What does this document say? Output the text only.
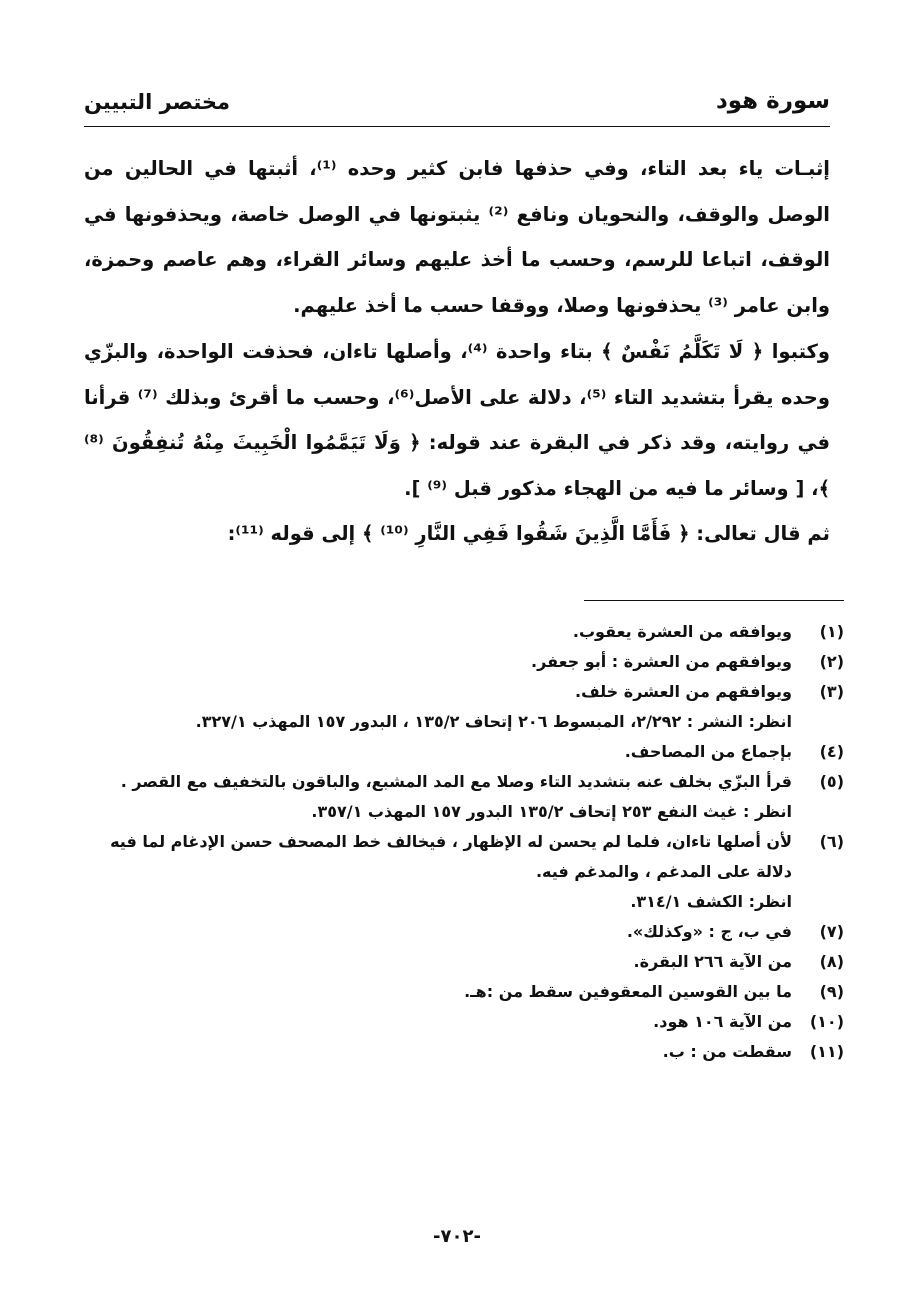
سورة هود
مختصر التبيين

إثبـات ياء بعد التاء، وفي حذفها فابن كثير وحده ⁽¹⁾، أثبتها في الحالين من الوصل والوقف، والنحويان ونافع ⁽²⁾ يثبتونها في الوصل خاصة، ويحذفونها في الوقف، اتباعا للرسم، وحسب ما أخذ عليهم وسائر القراء، وهم عاصم وحمزة، وابن عامر ⁽³⁾ يحذفونها وصلا، ووقفا حسب ما أخذ عليهم.

وكتبوا ﴿ لَا تَكَلَّمُ نَفْسٌ ﴾ بتاء واحدة ⁽⁴⁾، وأصلها تاءان، فحذفت الواحدة، والبزّي وحده يقرأ بتشديد التاء ⁽⁵⁾، دلالة على الأصل⁽⁶⁾، وحسب ما أقرئ وبذلك ⁽⁷⁾ قرأنا في روايته، وقد ذكر في البقرة عند قوله: ﴿ وَلَا تَيَمَّمُوا الْخَبِيثَ مِنْهُ تُنفِقُونَ ⁽⁸⁾ ﴾، [ وسائر ما فيه من الهجاء مذكور قبل ⁽⁹⁾ ].

ثم قال تعالى: ﴿ فَأَمَّا الَّذِينَ شَقُوا فَفِي النَّارِ ⁽¹⁰⁾ ﴾ إلى قوله ⁽¹¹⁾:

(١)
ويوافقه من العشرة يعقوب.
(٢)
ويوافقهم من العشرة : أبو جعفر.
(٣)
ويوافقهم من العشرة خلف.
انظر: النشر : ٢/٢٩٢، المبسوط ٢٠٦ إتحاف ١٣٥/٢ ، البدور ١٥٧ المهذب ٣٢٧/١.
(٤)
بإجماع من المصاحف.
(٥)
قرأ البزّي بخلف عنه بتشديد التاء وصلا مع المد المشبع، والباقون بالتخفيف مع القصر .
انظر : غيث النفع ٢٥٣ إتحاف ١٣٥/٢ البدور ١٥٧ المهذب ٣٥٧/١.
(٦)
لأن أصلها تاءان، فلما لم يحسن له الإظهار ، فيخالف خط المصحف حسن الإدغام لما فيه دلالة على المدغم ، والمدغم فيه.
انظر: الكشف ٣١٤/١.
(٧)
في ب، ج : «وكذلك».
(٨)
من الآية ٢٦٦ البقرة.
(٩)
ما بين القوسين المعقوفين سقط من :هـ.
(١٠)
من الآية ١٠٦ هود.
(١١)
سقطت من : ب.
-٧٠٢-
